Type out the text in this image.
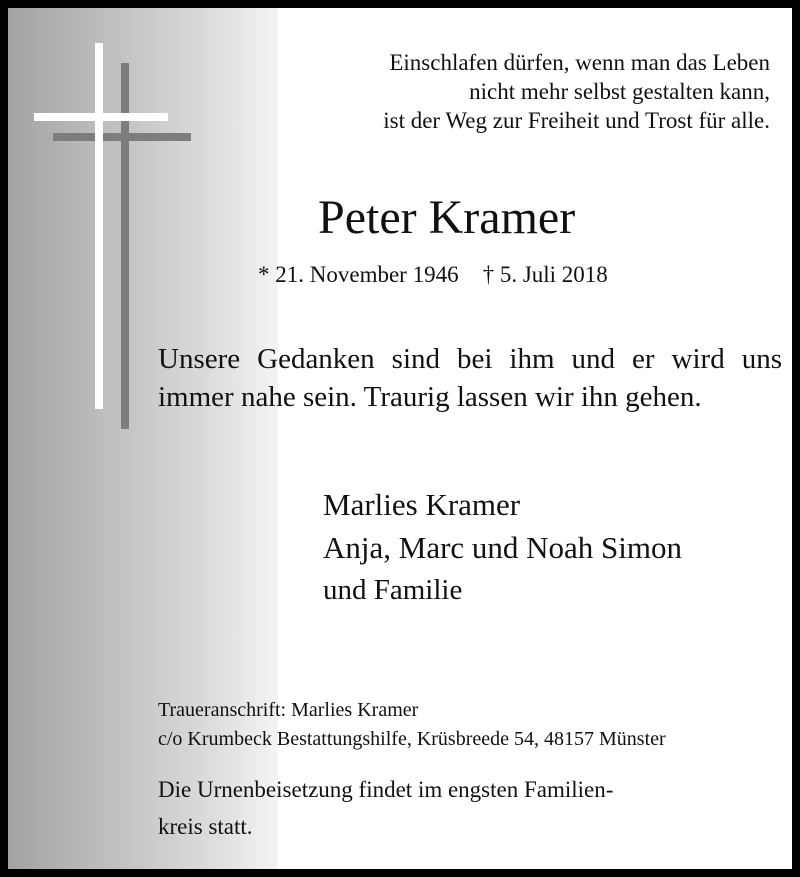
Einschlafen dürfen, wenn man das Leben
nicht mehr selbst gestalten kann,
ist der Weg zur Freiheit und Trost für alle.
Peter Kramer
* 21. November 1946 † 5. Juli 2018
Unsere Gedanken sind bei ihm und er wird uns immer nahe sein. Traurig lassen wir ihn gehen.
Marlies Kramer
Anja, Marc und Noah Simon
und Familie
Traueranschrift: Marlies Kramer
c/o Krumbeck Bestattungshilfe, Krüsbreede 54, 48157 Münster
Die Urnenbeisetzung findet im engsten Familien-
kreis statt.
